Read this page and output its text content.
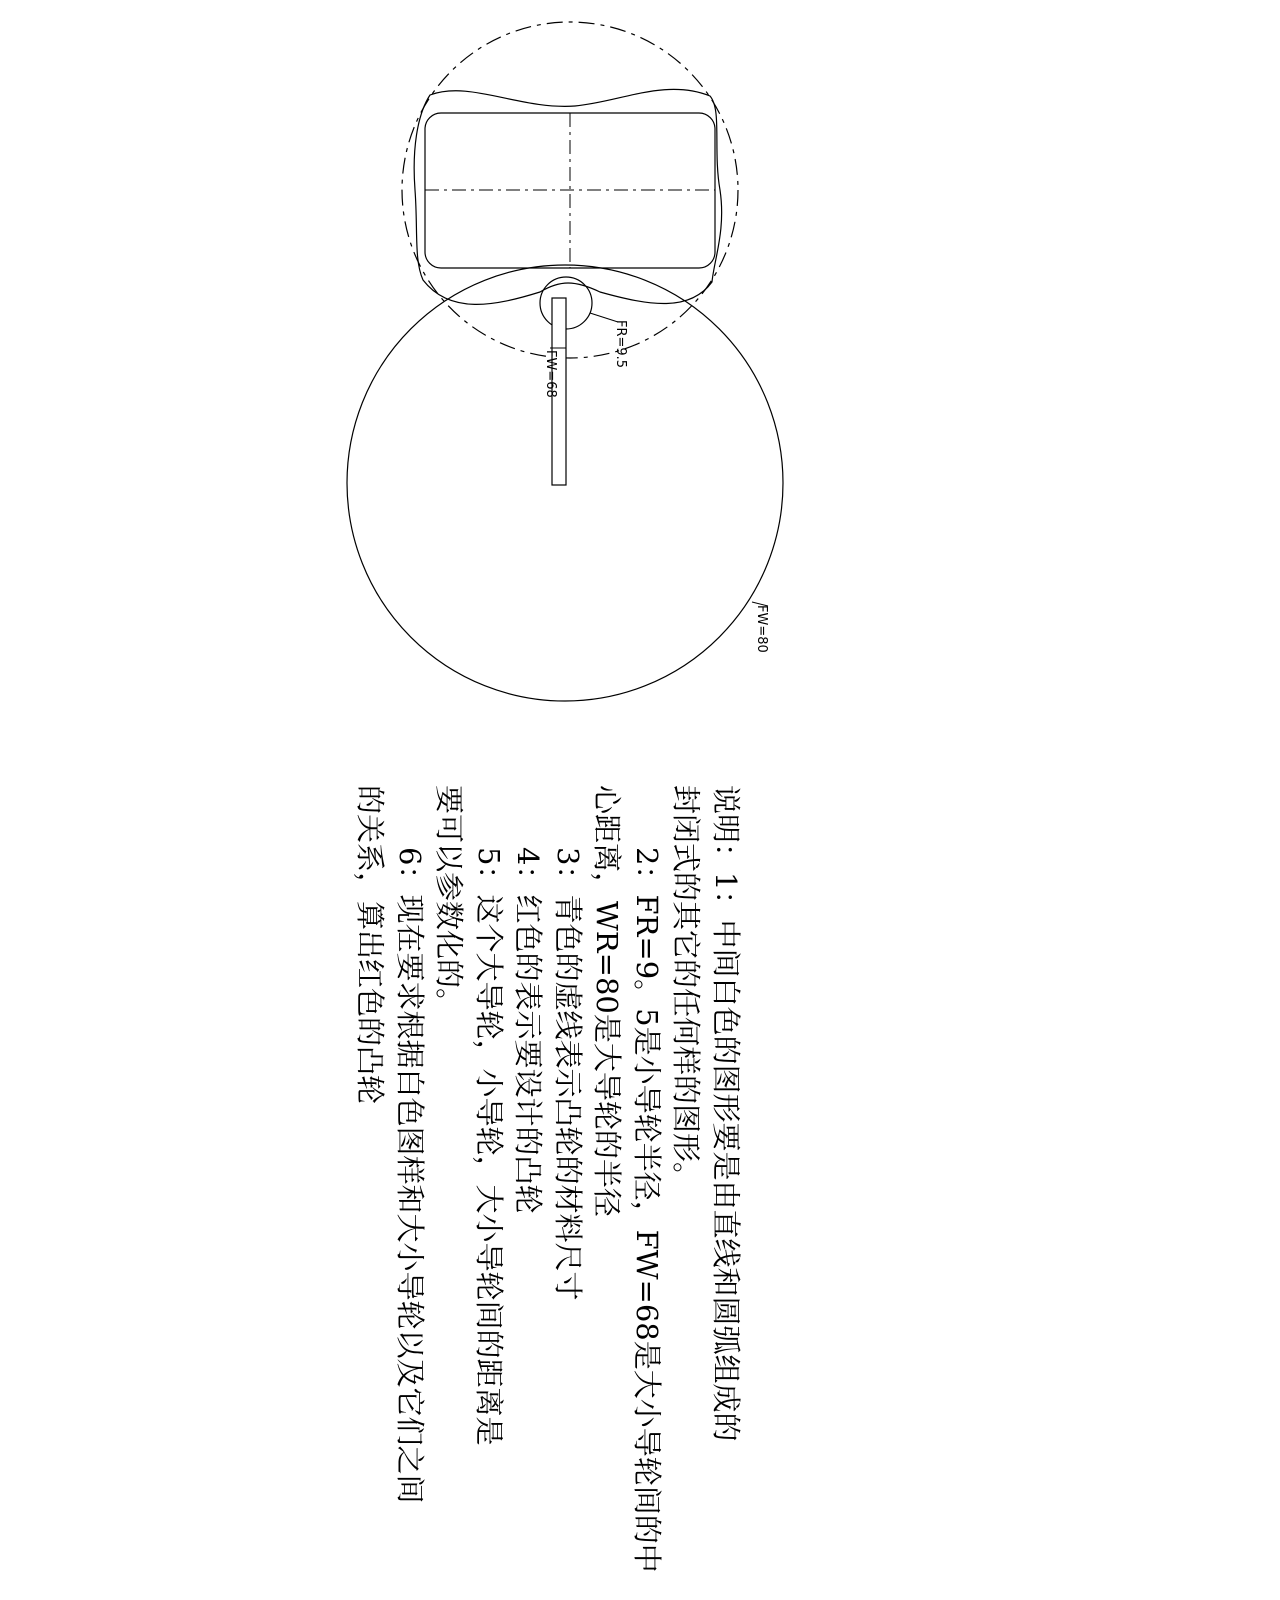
FR=9.5
FW=68
FW=80
说明：1：中间白色的图形要是由直线和圆弧组成的
封闭式的其它的任何样的图形。
2：FR=9。5是小导轮半径，FW=68是大小导轮间的中
心距离，WR=80是大导轮的半径
3：青色的虚线表示凸轮的材料尺寸
4：红色的表示要设计的凸轮
5：这个大导轮，小导轮，大小导轮间的距离是
要可以参数化的。
6：现在要求根据白色图样和大小导轮以及它们之间
的关系，算出红色的凸轮
